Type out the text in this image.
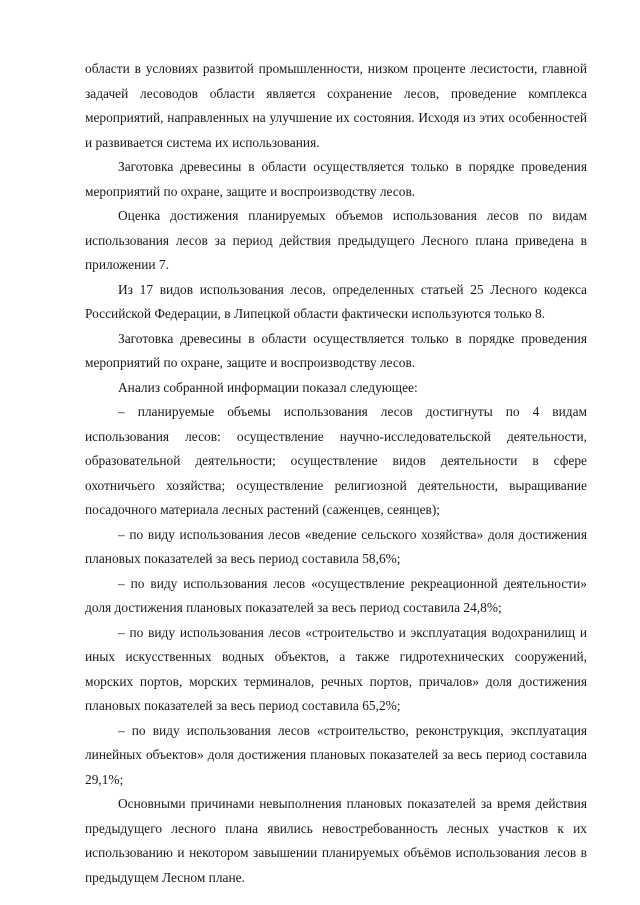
области в условиях развитой промышленности, низком проценте лесистости, главной задачей лесоводов области является сохранение лесов, проведение комплекса мероприятий, направленных на улучшение их состояния. Исходя из этих особенностей и развивается система их использования.

Заготовка древесины в области осуществляется только в порядке проведения мероприятий по охране, защите и воспроизводству лесов.

Оценка достижения планируемых объемов использования лесов по видам использования лесов за период действия предыдущего Лесного плана приведена в приложении 7.

Из 17 видов использования лесов, определенных статьей 25 Лесного кодекса Российской Федерации, в Липецкой области фактически используются только 8.

Заготовка древесины в области осуществляется только в порядке проведения мероприятий по охране, защите и воспроизводству лесов.

Анализ собранной информации показал следующее:

– планируемые объемы использования лесов достигнуты по 4 видам использования лесов: осуществление научно-исследовательской деятельности, образовательной деятельности; осуществление видов деятельности в сфере охотничьего хозяйства; осуществление религиозной деятельности, выращивание посадочного материала лесных растений (саженцев, сеянцев);

– по виду использования лесов «ведение сельского хозяйства» доля достижения плановых показателей за весь период составила 58,6%;

– по виду использования лесов «осуществление рекреационной деятельности» доля достижения плановых показателей за весь период составила 24,8%;

– по виду использования лесов «строительство и эксплуатация водохранилищ и иных искусственных водных объектов, а также гидротехнических сооружений, морских портов, морских терминалов, речных портов, причалов» доля достижения плановых показателей за весь период составила 65,2%;

– по виду использования лесов «строительство, реконструкция, эксплуатация линейных объектов» доля достижения плановых показателей за весь период составила 29,1%;

Основными причинами невыполнения плановых показателей за время действия предыдущего лесного плана явились невостребованность лесных участков к их использованию и некотором завышении планируемых объёмов использования лесов в предыдущем Лесном плане.
